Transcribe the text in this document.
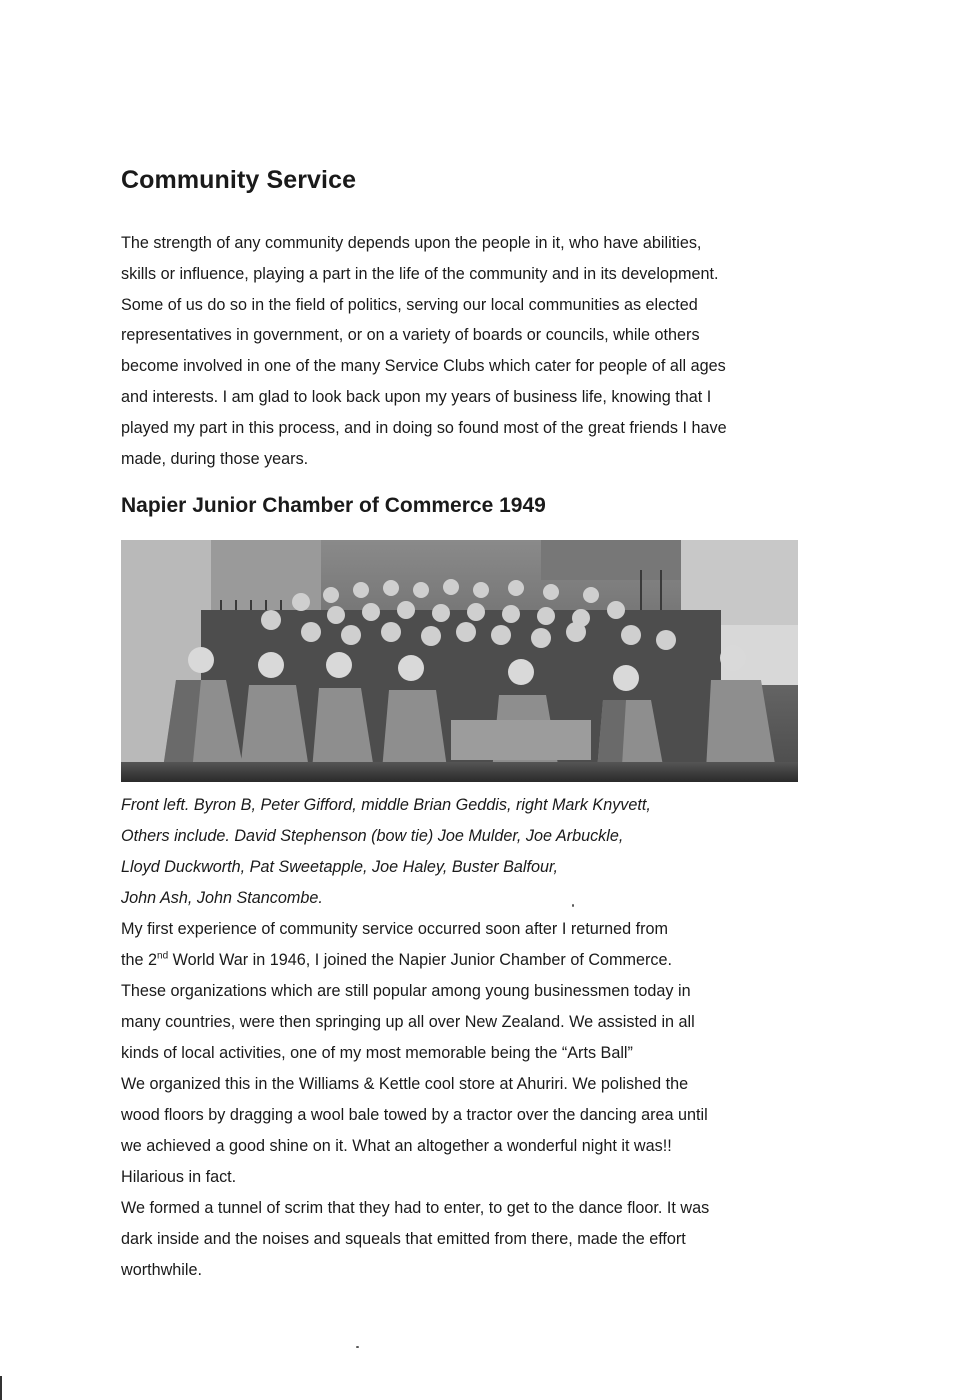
Community Service

The strength of any community depends upon the people in it, who have abilities,
skills or influence, playing a part in the life of the community and in its development.
Some of us do so in the field of politics, serving our local communities as elected
representatives in government, or on a variety of boards or councils, while others
become involved in one of the many Service Clubs which cater for people of all ages
and interests. I am glad to look back upon my years of business life, knowing that I
played my part in this process, and in doing so found most of the great friends I have
made, during those years.

Napier Junior Chamber of Commerce 1949

Front left. Byron B, Peter Gifford, middle Brian Geddis, right Mark Knyvett,
Others include. David Stephenson (bow tie) Joe Mulder, Joe Arbuckle,
Lloyd Duckworth, Pat Sweetapple, Joe Haley, Buster Balfour,
John Ash, John Stancombe.

My first experience of community service occurred soon after I returned from
the 2nd World War in 1946, I joined the Napier Junior Chamber of Commerce.
These organizations which are still popular among young businessmen today in
many countries, were then springing up all over New Zealand. We assisted in all
kinds of local activities, one of my most memorable being the “Arts Ball”
We organized this in the Williams & Kettle cool store at Ahuriri. We polished the
wood floors by dragging a wool bale towed by a tractor over the dancing area until
we achieved a good shine on it. What an altogether a wonderful night it was!!
Hilarious in fact.
We formed a tunnel of scrim that they had to enter, to get to the dance floor. It was
dark inside and the noises and squeals that emitted from there, made the effort
worthwhile.
